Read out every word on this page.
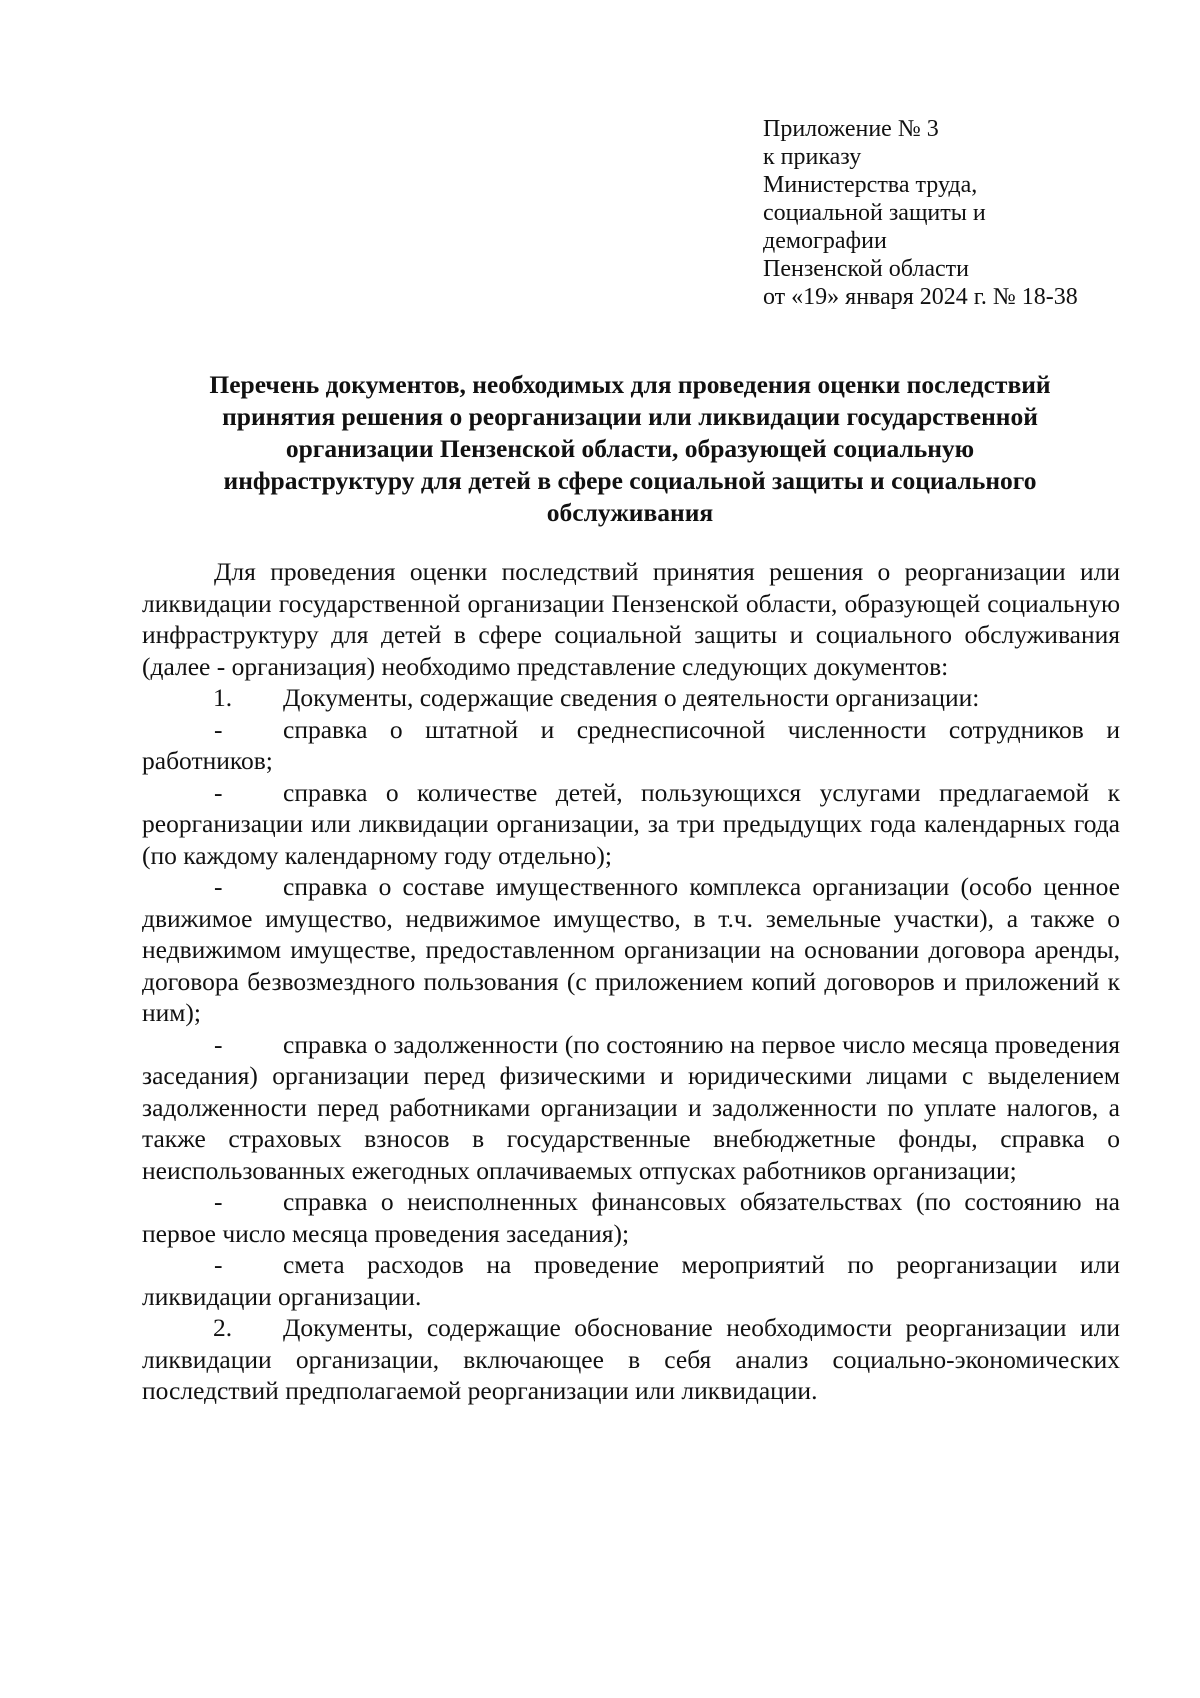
Приложение № 3
к приказу
Министерства труда,
социальной защиты и
демографии
Пензенской области
от «19» января 2024 г. № 18-38
Перечень документов, необходимых для проведения оценки последствий
принятия решения о реорганизации или ликвидации государственной
организации Пензенской области, образующей социальную
инфраструктуру для детей в сфере социальной защиты и социального
обслуживания

Для проведения оценки последствий принятия решения о реорганизации или ликвидации государственной организации Пензенской области, образующей социальную инфраструктуру для детей в сфере социальной защиты и социального обслуживания (далее - организация) необходимо представление следующих документов:

1. Документы, содержащие сведения о деятельности организации:

- справка о штатной и среднесписочной численности сотрудников и работников;

- справка о количестве детей, пользующихся услугами предлагаемой к реорганизации или ликвидации организации, за три предыдущих года календарных года (по каждому календарному году отдельно);

- справка о составе имущественного комплекса организации (особо ценное движимое имущество, недвижимое имущество, в т.ч. земельные участки), а также о недвижимом имуществе, предоставленном организации на основании договора аренды, договора безвозмездного пользования (с приложением копий договоров и приложений к ним);

- справка о задолженности (по состоянию на первое число месяца проведения заседания) организации перед физическими и юридическими лицами с выделением задолженности перед работниками организации и задолженности по уплате налогов, а также страховых взносов в государственные внебюджетные фонды, справка о неиспользованных ежегодных оплачиваемых отпусках работников организации;

- справка о неисполненных финансовых обязательствах (по состоянию на первое число месяца проведения заседания);

- смета расходов на проведение мероприятий по реорганизации или ликвидации организации.

2. Документы, содержащие обоснование необходимости реорганизации или ликвидации организации, включающее в себя анализ социально-экономических последствий предполагаемой реорганизации или ликвидации.
